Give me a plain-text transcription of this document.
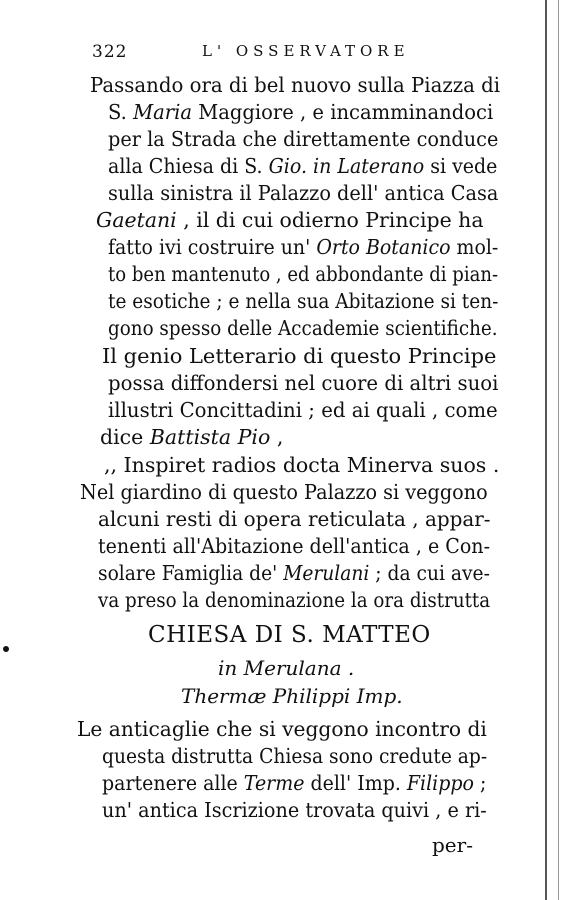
322	L' OSSERVATORE
Passando ora di bel nuovo sulla Piazza di
S. Maria Maggiore , e incamminandoci
per la Strada che direttamente conduce
alla Chiesa di S. Gio. in Laterano si vede
sulla sinistra il Palazzo dell' antica Casa
Gaetani , il di cui odierno Principe ha
fatto ivi costruire un' Orto Botanico mol-
to ben mantenuto , ed abbondante di pian-
te esotiche ; e nella sua Abitazione si ten-
gono spesso delle Accademie scientifiche.
Il genio Letterario di questo Principe
possa diffondersi nel cuore di altri suoi
illustri Concittadini ; ed ai quali , come
dice Battista Pio ,
Nel giardino di questo Palazzo si veggono
alcuni resti di opera reticulata , appar-
tenenti all'Abitazione dell'antica , e Con-
solare Famiglia de' Merulani ; da cui ave-
va preso la denominazione la ora distrutta
Le anticaglie che si veggono incontro di
questa distrutta Chiesa sono credute ap-
partenere alle Terme dell' Imp. Filippo ;
un' antica Iscrizione trovata quivi , e ri-
,, Inspiret radios docta Minerva suos .
CHIESA DI S. MATTEO
in Merulana .
Thermæ Philippi Imp.
per-
